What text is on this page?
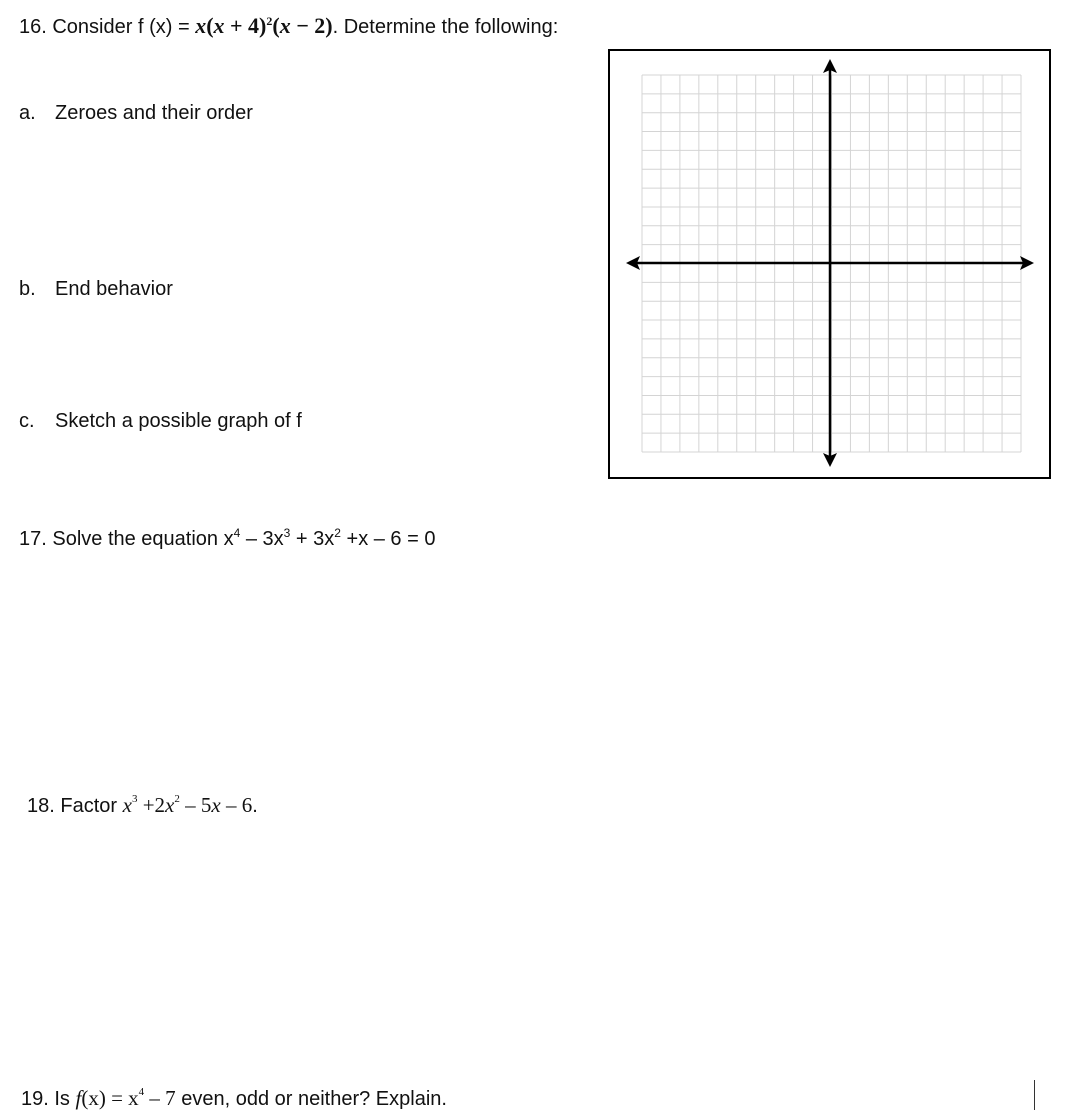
16. Consider f $(x) = x(x + 4)^2(x - 2)$. Determine the following:
a. Zeroes and their order
b. End behavior
c. Sketch a possible graph of f
17. Solve the equation $x^4 - 3x^3 + 3x^2 +x - 6 = 0$
18. Factor $x^3 +2x^2 - 5x - 6$.
19. Is $f(x) = x^4 - 7$ even, odd or neither? Explain.
